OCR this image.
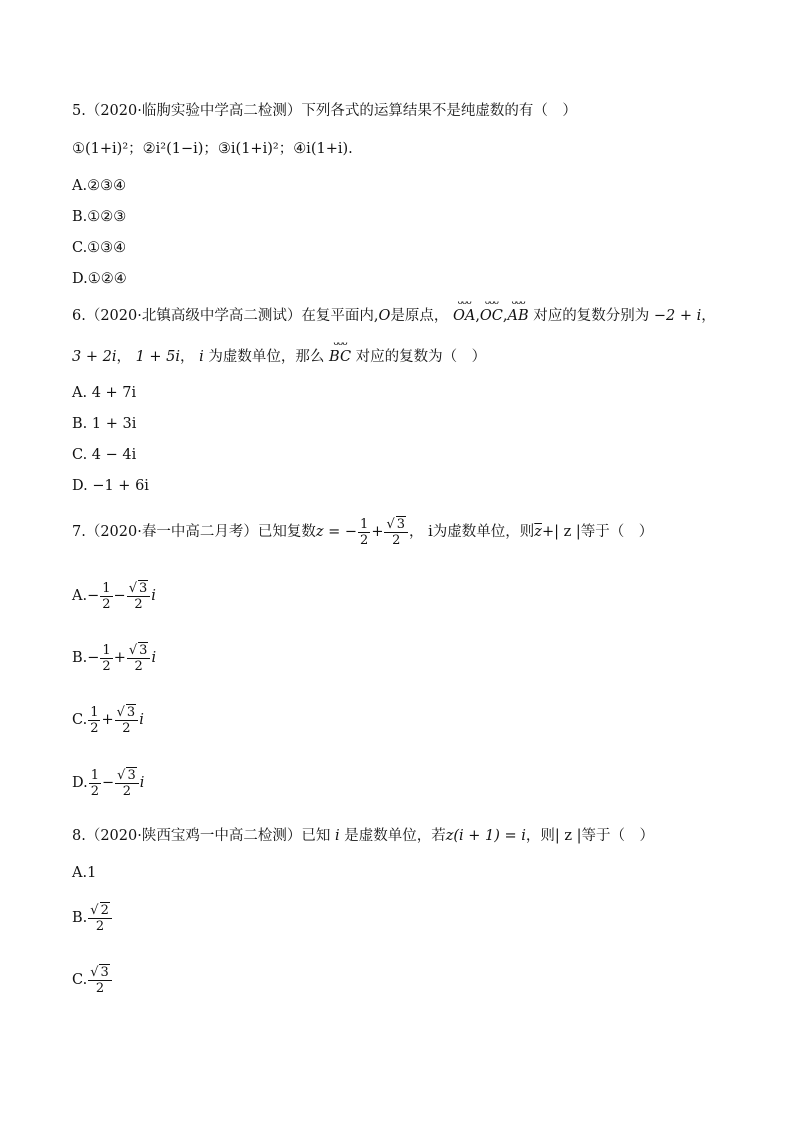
5.（2020·临朐实验中学高二检测）下列各式的运算结果不是纯虚数的有（　）
①(1+i)²；②i²(1−i)；③i(1+i)²；④i(1+i).
A.②③④
B.①②③
C.①③④
D.①②④
6.（2020·北镇高级中学高二测试）在复平面内,O是原点，
ᴗᴗᴗ
OA,
ᴗᴗᴗ
OC,
ᴗᴗᴗ
AB 对应的复数分别为 −2 + i，
3 + 2i， 1 + 5i， i 为虚数单位，那么
ᴗᴗᴗ
BC 对应的复数为（　）
A. 4 + 7i
B. 1 + 3i
C. 4 − 4i
D. −1 + 6i
7.（2020·春一中高二月考）已知复数z = − $\frac{1}{2} + \frac{√ 3}{2}$ ， i为虚数单位，则$\overline{z}+|$ z |等于（　）
$A.- \frac{1}{2} - \frac{√ 3}{2}$ i
$B.- \frac{1}{2} + \frac{√ 3}{2}$ i
C. $\frac{1}{2} + \frac{√ 3}{2}$ i
D. $\frac{1}{2} - \frac{√ 3}{2}$ i
8.（2020·陕西宝鸡一中高二检测）已知 i 是虚数单位，若z(i + 1) = i，则| z |等于（　）
A.1
B. $\frac{√ 2}{2}$
C. $\frac{√ 3}{2}$
